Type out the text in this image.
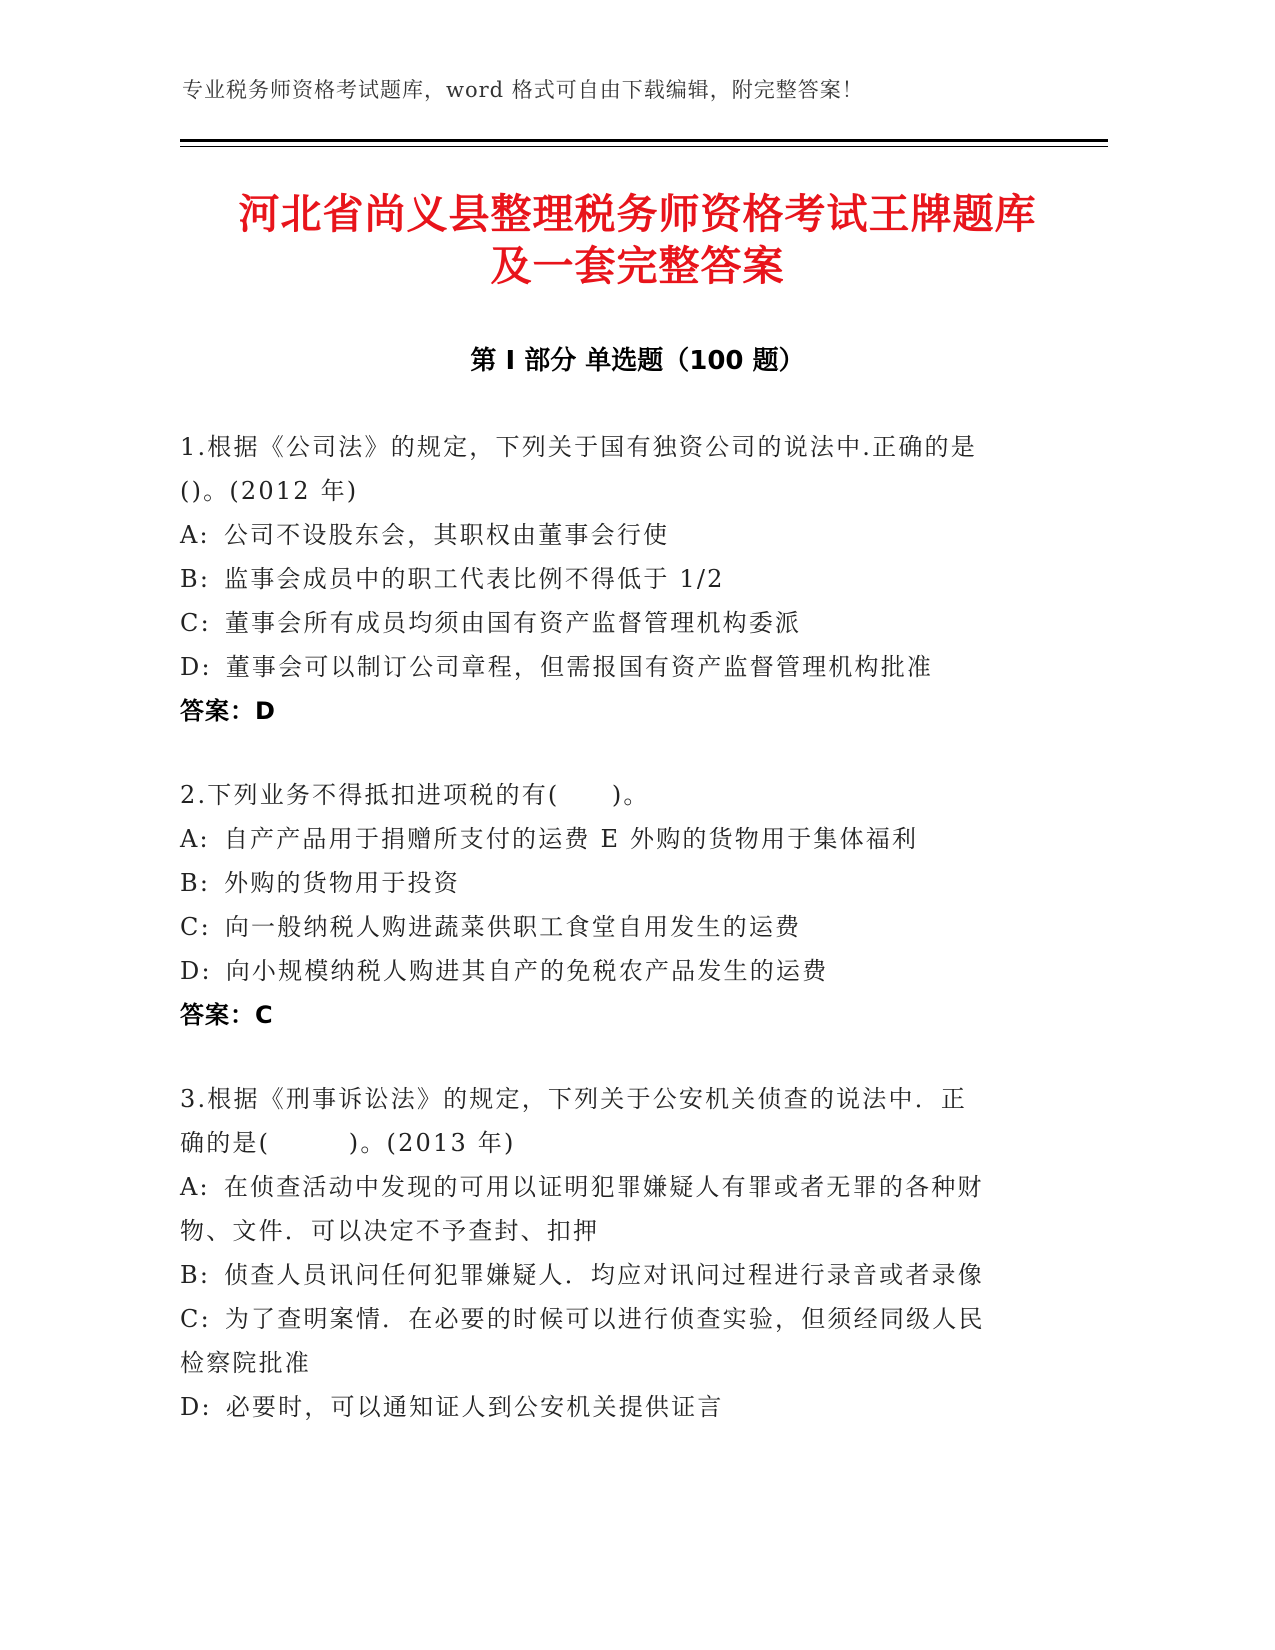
专业税务师资格考试题库，word 格式可自由下载编辑，附完整答案！
河北省尚义县整理税务师资格考试王牌题库
及一套完整答案
第 I 部分 单选题（100 题）
1.根据《公司法》的规定，下列关于国有独资公司的说法中.正确的是
()。(2012 年)
A: 公司不设股东会，其职权由董事会行使
B: 监事会成员中的职工代表比例不得低于 1/2
C: 董事会所有成员均须由国有资产监督管理机构委派
D: 董事会可以制订公司章程，但需报国有资产监督管理机构批准
答案：D
2.下列业务不得抵扣进项税的有(　　)。
A: 自产产品用于捐赠所支付的运费 E 外购的货物用于集体福利
B: 外购的货物用于投资
C: 向一般纳税人购进蔬菜供职工食堂自用发生的运费
D: 向小规模纳税人购进其自产的免税农产品发生的运费
答案：C
3.根据《刑事诉讼法》的规定，下列关于公安机关侦查的说法中．正
确的是(　　　)。(2013 年)
A: 在侦查活动中发现的可用以证明犯罪嫌疑人有罪或者无罪的各种财
物、文件．可以决定不予查封、扣押
B: 侦查人员讯问任何犯罪嫌疑人．均应对讯问过程进行录音或者录像
C: 为了查明案情．在必要的时候可以进行侦查实验，但须经同级人民
检察院批准
D: 必要时，可以通知证人到公安机关提供证言
